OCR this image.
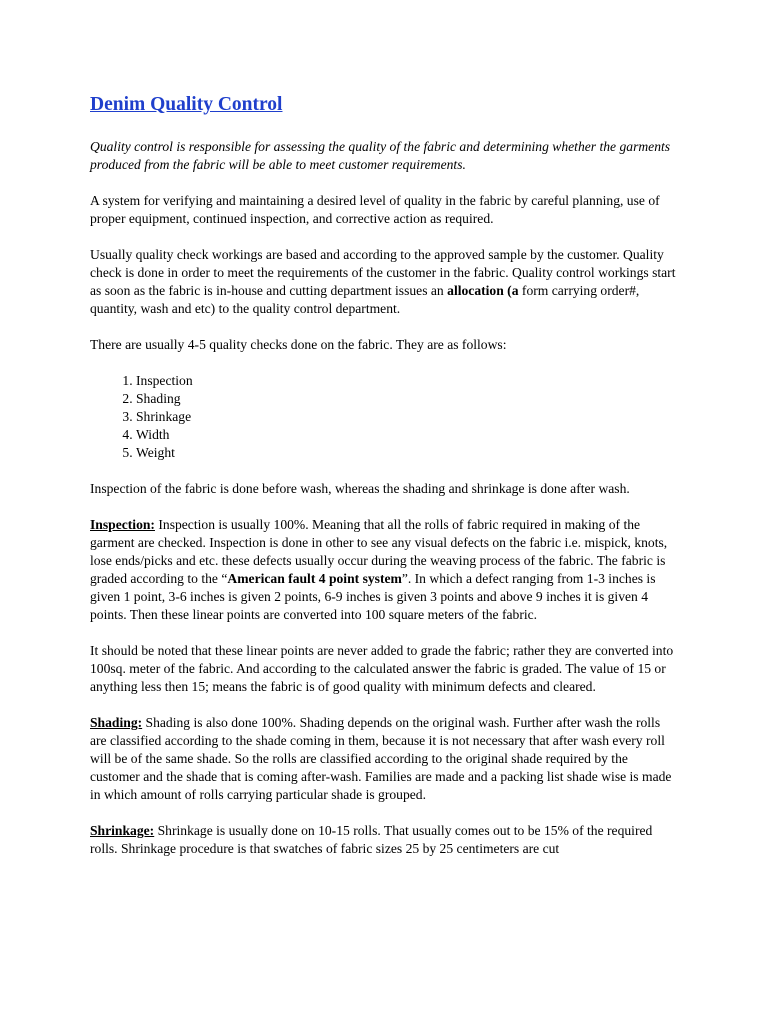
Denim Quality Control

Quality control is responsible for assessing the quality of the fabric and determining whether the garments produced from the fabric will be able to meet customer requirements.

A system for verifying and maintaining a desired level of quality in the fabric by careful planning, use of proper equipment, continued inspection, and corrective action as required.

Usually quality check workings are based and according to the approved sample by the customer. Quality check is done in order to meet the requirements of the customer in the fabric. Quality control workings start as soon as the fabric is in-house and cutting department issues an allocation (a form carrying order#, quantity, wash and etc) to the quality control department.

There are usually 4-5 quality checks done on the fabric. They are as follows:

1. Inspection
2. Shading
3. Shrinkage
4. Width
5. Weight

Inspection of the fabric is done before wash, whereas the shading and shrinkage is done after wash.

Inspection: Inspection is usually 100%. Meaning that all the rolls of fabric required in making of the garment are checked. Inspection is done in other to see any visual defects on the fabric i.e. mispick, knots, lose ends/picks and etc. these defects usually occur during the weaving process of the fabric. The fabric is graded according to the “American fault 4 point system”. In which a defect ranging from 1-3 inches is given 1 point, 3-6 inches is given 2 points, 6-9 inches is given 3 points and above 9 inches it is given 4 points. Then these linear points are converted into 100 square meters of the fabric.

It should be noted that these linear points are never added to grade the fabric; rather they are converted into 100sq. meter of the fabric. And according to the calculated answer the fabric is graded. The value of 15 or anything less then 15; means the fabric is of good quality with minimum defects and cleared.

Shading: Shading is also done 100%. Shading depends on the original wash. Further after wash the rolls are classified according to the shade coming in them, because it is not necessary that after wash every roll will be of the same shade. So the rolls are classified according to the original shade required by the customer and the shade that is coming after-wash. Families are made and a packing list shade wise is made in which amount of rolls carrying particular shade is grouped.

Shrinkage: Shrinkage is usually done on 10-15 rolls. That usually comes out to be 15% of the required rolls. Shrinkage procedure is that swatches of fabric sizes 25 by 25 centimeters are cut
